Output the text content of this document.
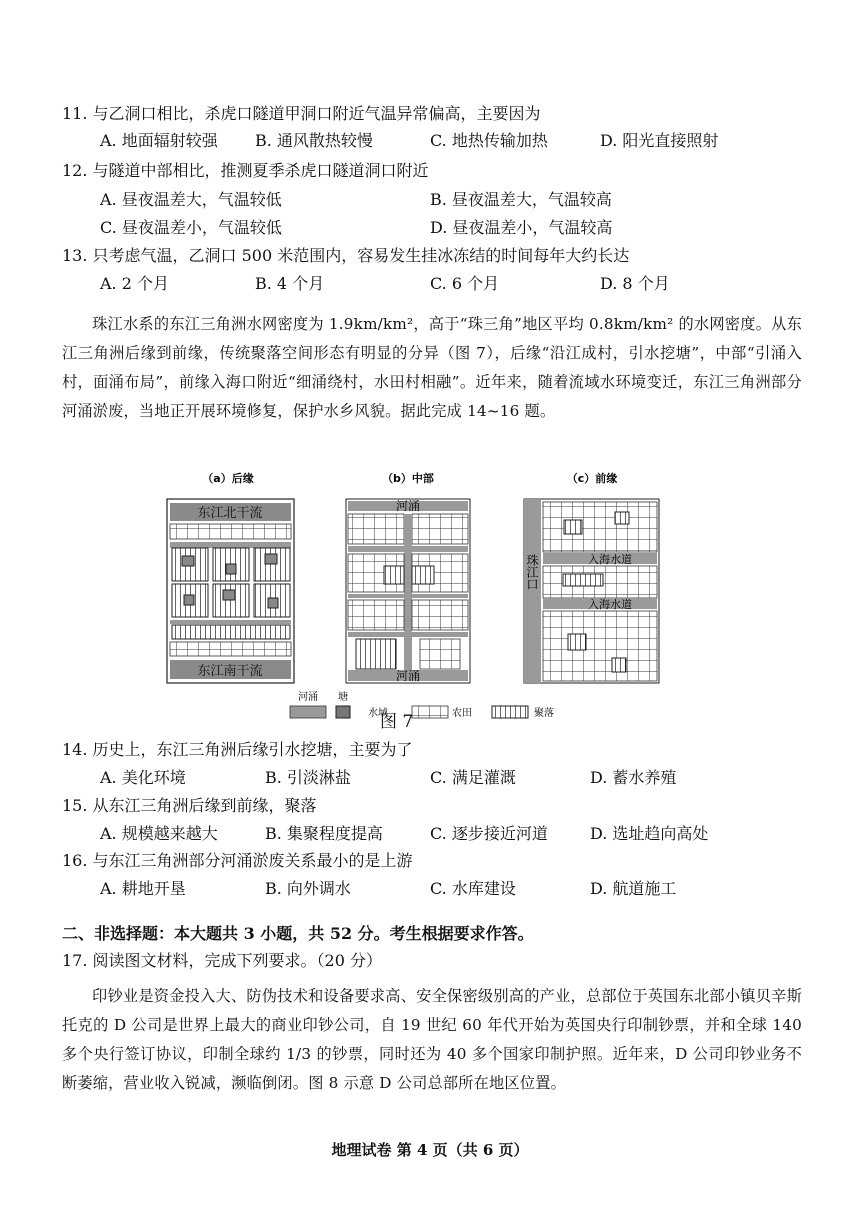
11. 与乙洞口相比，杀虎口隧道甲洞口附近气温异常偏高，主要因为
A. 地面辐射较强 B. 通风散热较慢	C. 地热传输加热	D. 阳光直接照射
12. 与隧道中部相比，推测夏季杀虎口隧道洞口附近
A. 昼夜温差大，气温较低	B. 昼夜温差大，气温较高
C. 昼夜温差小，气温较低	D. 昼夜温差小，气温较高
13. 只考虑气温，乙洞口 500 米范围内，容易发生挂冰冻结的时间每年大约长达
A. 2 个月	B. 4 个月	C. 6 个月	D. 8 个月
珠江水系的东江三角洲水网密度为 1.9km/km²，高于“珠三角”地区平均 0.8km/km² 的水网密度。从东江三角洲后缘到前缘，传统聚落空间形态有明显的分异（图 7），后缘“沿江成村，引水挖塘”，中部“引涌入村，面涌布局”，前缘入海口附近“细涌绕村，水田村相融”。近年来，随着流域水环境变迁，东江三角洲部分河涌淤废，当地正开展环境修复，保护水乡风貌。据此完成 14~16 题。
（a）后缘	（b）中部	（c）前缘
东江北干流
东江南干流
河涌
河涌
珠江口	入海水道
入海水道
河涌 塘
水域	农田	聚落
图 7
14. 历史上，东江三角洲后缘引水挖塘，主要为了
A. 美化环境	B. 引淡淋盐	C. 满足灌溉	D. 蓄水养殖
15. 从东江三角洲后缘到前缘，聚落
A. 规模越来越大	B. 集聚程度提高	C. 逐步接近河道	D. 选址趋向高处
16. 与东江三角洲部分河涌淤废关系最小的是上游
A. 耕地开垦	B. 向外调水	C. 水库建设	D. 航道施工
二、非选择题：本大题共 3 小题，共 52 分。考生根据要求作答。
17. 阅读图文材料，完成下列要求。（20 分）
印钞业是资金投入大、防伪技术和设备要求高、安全保密级别高的产业，总部位于英国东北部小镇贝辛斯托克的 D 公司是世界上最大的商业印钞公司，自 19 世纪 60 年代开始为英国央行印制钞票，并和全球 140 多个央行签订协议，印制全球约 1/3 的钞票，同时还为 40 多个国家印制护照。近年来，D 公司印钞业务不断萎缩，营业收入锐减，濒临倒闭。图 8 示意 D 公司总部所在地区位置。
地理试卷 第 4 页（共 6 页）
